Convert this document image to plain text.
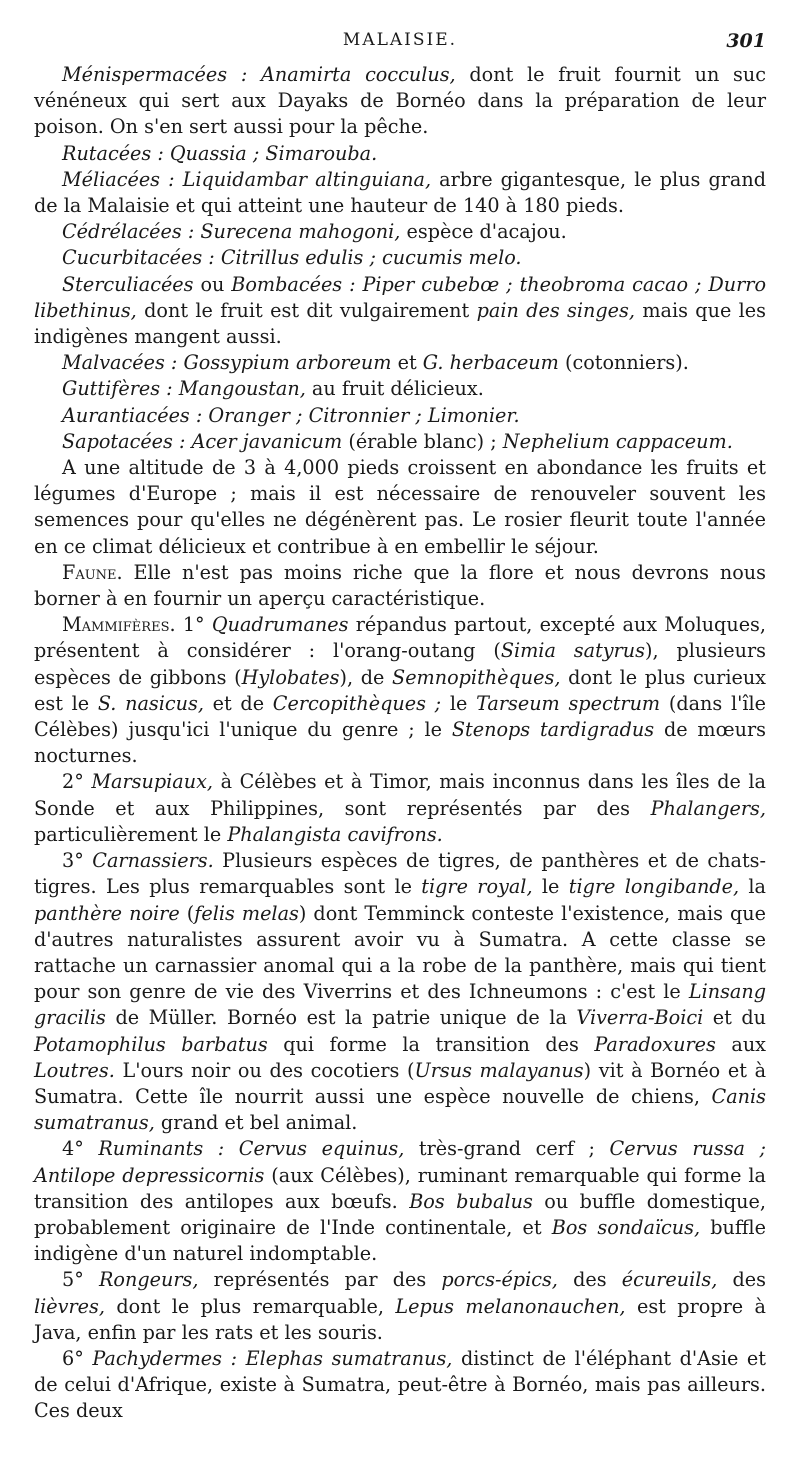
MALAISIE.	301

Ménispermacées : Anamirta cocculus, dont le fruit fournit un suc vénéneux qui sert aux Dayaks de Bornéo dans la préparation de leur poison. On s'en sert aussi pour la pêche.

Rutacées : Quassia ; Simarouba.

Méliacées : Liquidambar altinguiana, arbre gigantesque, le plus grand de la Malaisie et qui atteint une hauteur de 140 à 180 pieds.

Cédrélacées : Surecena mahogoni, espèce d'acajou.

Cucurbitacées : Citrillus edulis ; cucumis melo.

Sterculiacées ou Bombacées : Piper cubebœ ; theobroma cacao ; Durro libethinus, dont le fruit est dit vulgairement pain des singes, mais que les indigènes mangent aussi.

Malvacées : Gossypium arboreum et G. herbaceum (cotonniers).

Guttifères : Mangoustan, au fruit délicieux.

Aurantiacées : Oranger ; Citronnier ; Limonier.

Sapotacées : Acer javanicum (érable blanc) ; Nephelium cappaceum.

A une altitude de 3 à 4,000 pieds croissent en abondance les fruits et légumes d'Europe ; mais il est nécessaire de renouveler souvent les semences pour qu'elles ne dégénèrent pas. Le rosier fleurit toute l'année en ce climat délicieux et contribue à en embellir le séjour.

Faune. Elle n'est pas moins riche que la flore et nous devrons nous borner à en fournir un aperçu caractéristique.

Mammifères. 1° Quadrumanes répandus partout, excepté aux Moluques, présentent à considérer : l'orang-outang (Simia satyrus), plusieurs espèces de gibbons (Hylobates), de Semnopithèques, dont le plus curieux est le S. nasicus, et de Cercopithèques ; le Tarseum spectrum (dans l'île Célèbes) jusqu'ici l'unique du genre ; le Stenops tardigradus de mœurs nocturnes.

2° Marsupiaux, à Célèbes et à Timor, mais inconnus dans les îles de la Sonde et aux Philippines, sont représentés par des Phalangers, particulièrement le Phalangista cavifrons.

3° Carnassiers. Plusieurs espèces de tigres, de panthères et de chats-tigres. Les plus remarquables sont le tigre royal, le tigre longibande, la panthère noire (felis melas) dont Temminck conteste l'existence, mais que d'autres naturalistes assurent avoir vu à Sumatra. A cette classe se rattache un carnassier anomal qui a la robe de la panthère, mais qui tient pour son genre de vie des Viverrins et des Ichneumons : c'est le Linsang gracilis de Müller. Bornéo est la patrie unique de la Viverra-Boici et du Potamophilus barbatus qui forme la transition des Paradoxures aux Loutres. L'ours noir ou des cocotiers (Ursus malayanus) vit à Bornéo et à Sumatra. Cette île nourrit aussi une espèce nouvelle de chiens, Canis sumatranus, grand et bel animal.

4° Ruminants : Cervus equinus, très-grand cerf ; Cervus russa ; Antilope depressicornis (aux Célèbes), ruminant remarquable qui forme la transition des antilopes aux bœufs. Bos bubalus ou buffle domestique, probablement originaire de l'Inde continentale, et Bos sondaïcus, buffle indigène d'un naturel indomptable.

5° Rongeurs, représentés par des porcs-épics, des écureuils, des lièvres, dont le plus remarquable, Lepus melanonauchen, est propre à Java, enfin par les rats et les souris.

6° Pachydermes : Elephas sumatranus, distinct de l'éléphant d'Asie et de celui d'Afrique, existe à Sumatra, peut-être à Bornéo, mais pas ailleurs. Ces deux
